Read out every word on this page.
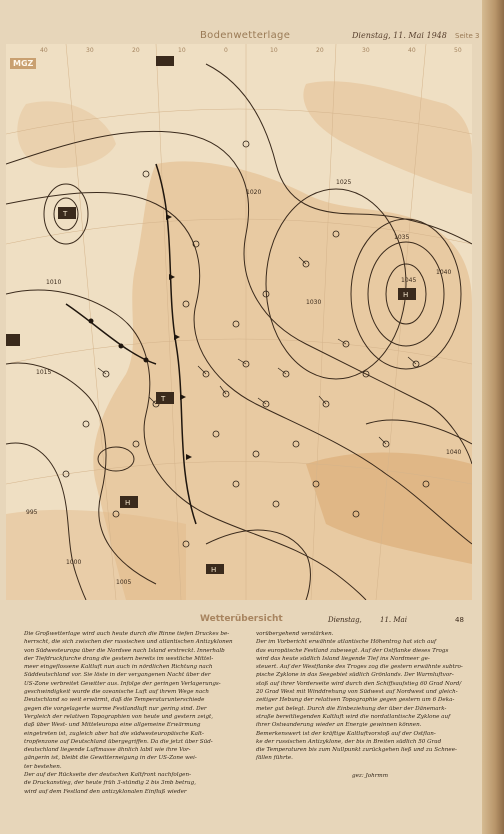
Bodenwetterlage	Dienstag, 11. Mai 1948 Seite 3
995
1000
1005
1010
1015
1020
1025
1030
1035
1040
1045
1040
T
T
H
H
H
MGZ
40	30	20	10	0	10	20	30	40	50
Wetterübersicht	Dienstag,	11. Mai	48

Die Großwetterlage wird auch heute durch die Rinne tiefen Druckes be-

herrscht, die sich zwischen der russischen und atlantischen Antizyklonen

von Südwesteuropa über die Nordsee nach Island erstreckt. Innerhalb

der Tiefdruckfurche drang die gestern bereits im westliche Mittel-

meer eingeflossene Kaltluft nun auch in nördlichen Richtung nach

Süddeutschland vor. Sie löste in der vergangenen Nacht über der

US-Zone verbreitet Gewitter aus. Infolge der geringen Verlagerungs-

geschwindigkeit wurde die ozeanische Luft auf ihrem Wege nach

Deutschland so weit erwärmt, daß die Temperaturunterschiede

gegen die vorgelagerte warme Festlandluft nur gering sind. Der

Vergleich der relativen Topographien von heute und gestern zeigt,

daß über West- und Mitteleuropa eine allgemeine Erwärmung

eingetreten ist, zugleich aber hat die südwesteuropäische Kalt-

tropfenzone auf Deutschland übergegriffen. Da die jetzt über Süd-

deutschland liegende Luftmasse ähnlich labil wie ihre Vor-

gängerin ist, bleibt die Gewitterneigung in der US-Zone wei-

ter bestehen.

Der auf der Rückseite der deutschen Kaltfront nachfolgen-

de Druckanstieg, der heute früh 3-stündig 2 bis 3mb betrug,

wird auf dem Festland den antizyklonalen Einfluß wieder

vorübergehend verstärken.

Der im Vorbericht erwähnte atlantische Höhentrog hat sich auf

das europäische Festland zubewegt. Auf der Ostflanke dieses Trogs

wird das heute südlich Island liegende Tief ins Nordmeer ge-

steuert. Auf der Westflanke des Troges zog die gestern erwähnte subtro-

pische Zyklone in das Seegebiet südlich Grönlands. Der Warmluftvor-

stoß auf ihrer Vorderseite wird durch den Schiffsaufstieg 60 Grad Nord/

20 Grad West mit Winddrehung von Südwest auf Nordwest und gleich-

zeitiger Hebung der relativen Topographie gegen gestern um 6 Deka-

meter gut belegt. Durch die Einbeziehung der über der Dänemark-

straße bereitliegenden Kaltluft wird die nordatlantische Zyklone auf

ihrer Ostwanderung wieder an Energie gewinnen können.

Bemerkenswert ist der kräftige Kaltluftvorstoß auf der Ostflan-

ke der russischen Antizyklone, der bis in Breiten südlich 50 Grad

die Temperaturen bis zum Nullpunkt zurückgehen ließ und zu Schnee-

fällen führte.

gez: Johrmm
